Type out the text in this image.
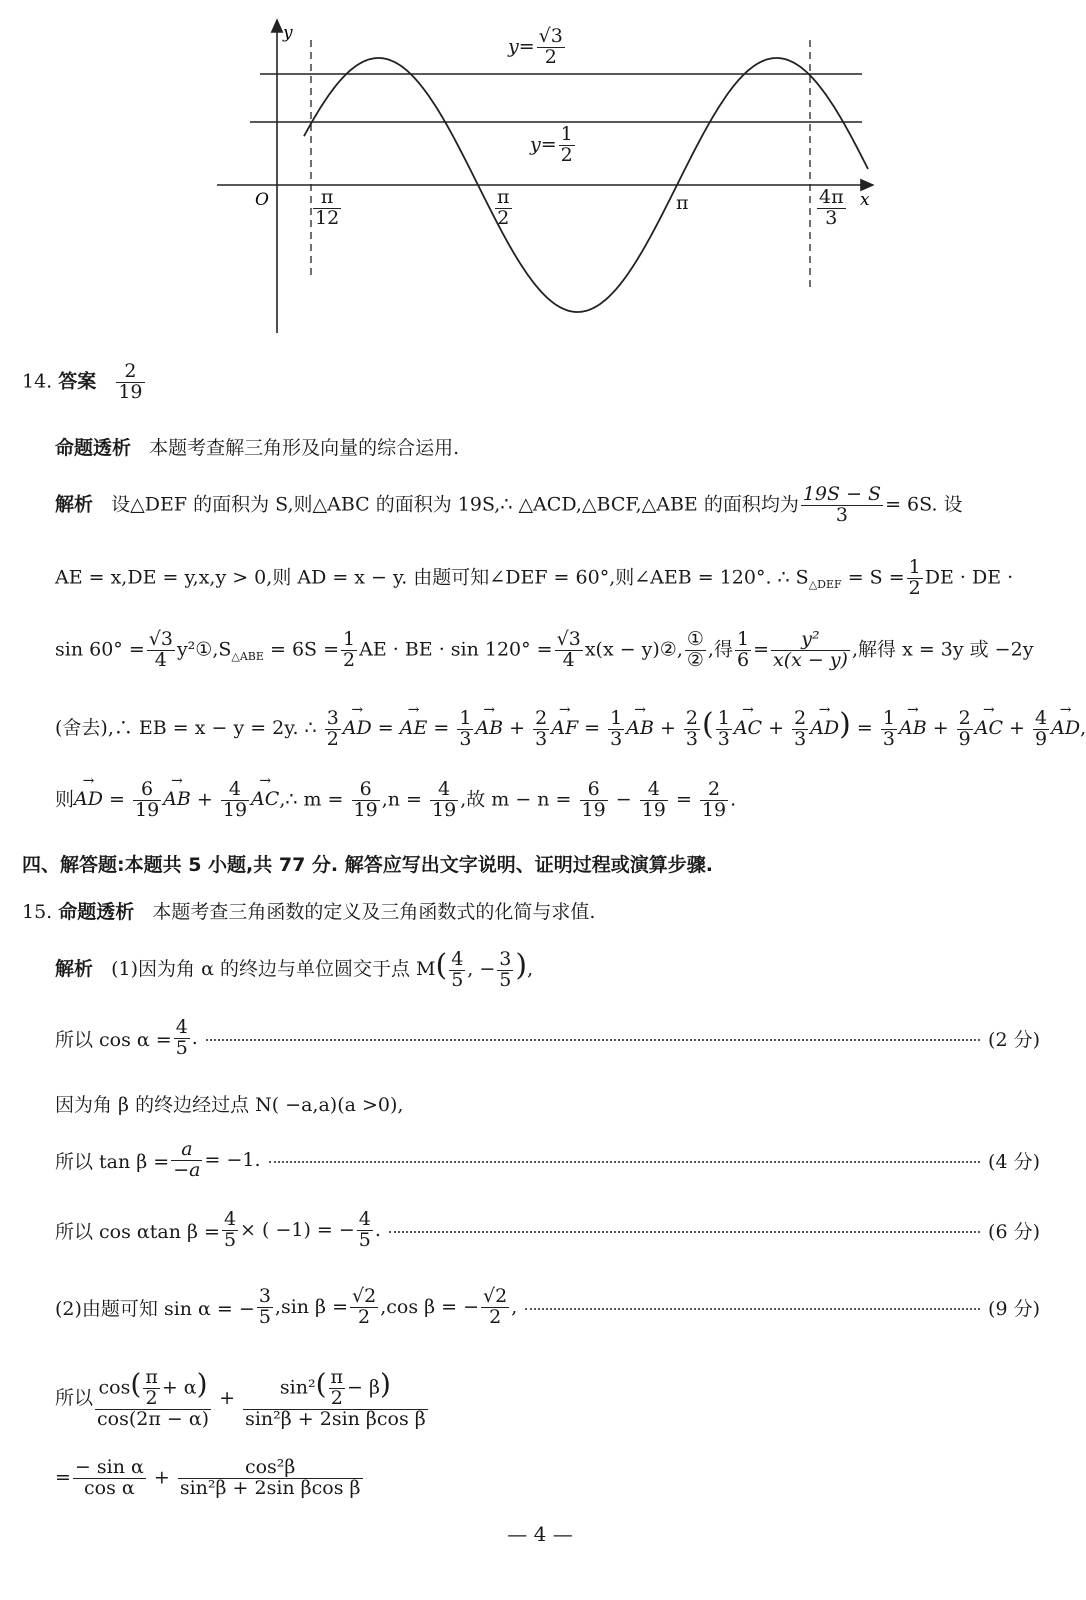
y
x
O
$y= \frac{√3}{2}$
$y= \frac{1}{2}$
$\frac{\pi}{12}$	$\frac{\pi}{2}$	π	$\frac{4\pi}{3}$
14. 答案 $\frac{2}{19}$
命题透析 本题考查解三角形及向量的综合运用.
解析 设△DEF 的面积为 S,则△ABC 的面积为 19S,∴ △ACD,△BCF,△ABE 的面积均为 $\frac{19S - S}{3} = 6S$. 设
AE = x,DE = y,x,y > 0,则 AD = x − y. 由题可知∠DEF = 60°,则∠AEB = 120°. ∴ $S_{\triangle DEF} = S = \frac{1}{2}$ DE · DE ·
$\sin 60^\circ = \frac{√3}{4}$ $y^2①,S_{\triangle ABE} = 6S = \frac{1}{2}$ AE · BE · $\sin 120^\circ = \frac{√3}{4} x(x$ − y)②, ①
② ,得 $\frac{1}{6} = \frac{\text{y²}}{x(x - y)}$ ,解得 x = 3y 或 −2y
(舍去),∴ EB = x − y = 2y. ∴ $\frac{3}{2}$
→ AD = → AE = $\frac{1}{3}$
→ AB + $\frac{2}{3}$
→ AF = $\frac{1}{3}$
→ AB + $\frac{2}{3}$ ( $\frac{1}{3}$
→ AC + $\frac{2}{3}$
→ $AD) = \frac{1}{3}$
→ AB + $\frac{2}{9}$
→ AC + $\frac{4}{9}$
→ AD,
则→ AD = $\frac{6}{19}$
→ AB + $\frac{4}{19}$
→ AC,∴ $m = \frac{6}{19} ,n = \frac{4}{19}$ ,故 $m - n = \frac{6}{19} - \frac{4}{19} = \frac{2}{19}$ .
四、解答题:本题共 5 小题,共 77 分. 解答应写出文字说明、证明过程或演算步骤.
15. 命题透析 本题考查三角函数的定义及三角函数式的化简与求值.
解析 (1)因为角 α 的终边与单位圆交于点 $M( \frac{4}{5}$ , − $\frac{3}{5}$ ),
所以 $\cos \alpha = \frac{4}{5}$ .	(2 分)
因为角 β 的终边经过点 N( −a,a)(a >0),
所以 $\tan \beta = \frac{a}{-a} = -1$.	(4 分)
所以 cos αtan $\beta = \frac{4}{5}$ × ( −1) = − $\frac{4}{5}$ .	(6 分)
(2)由题可知 sin α = − $\frac{3}{5} ,\sin$ $\beta = \frac{√2}{2} ,\cos$ β = − $\frac{√2}{2}$ ,	(9 分)
所以 $\frac{\cos( \frac{\pi}{2} + \alpha)}{\cos(2\pi - \alpha)} + \frac{\sin^2( \frac{\pi}{2} - \beta)}{\text{sin²β + 2sin βcos β}}$
= $\frac{\text{− sin α}}{\text{cos α}} + \frac{\text{cos²β}}{\text{sin²β + 2sin βcos β}}$
— 4 —
